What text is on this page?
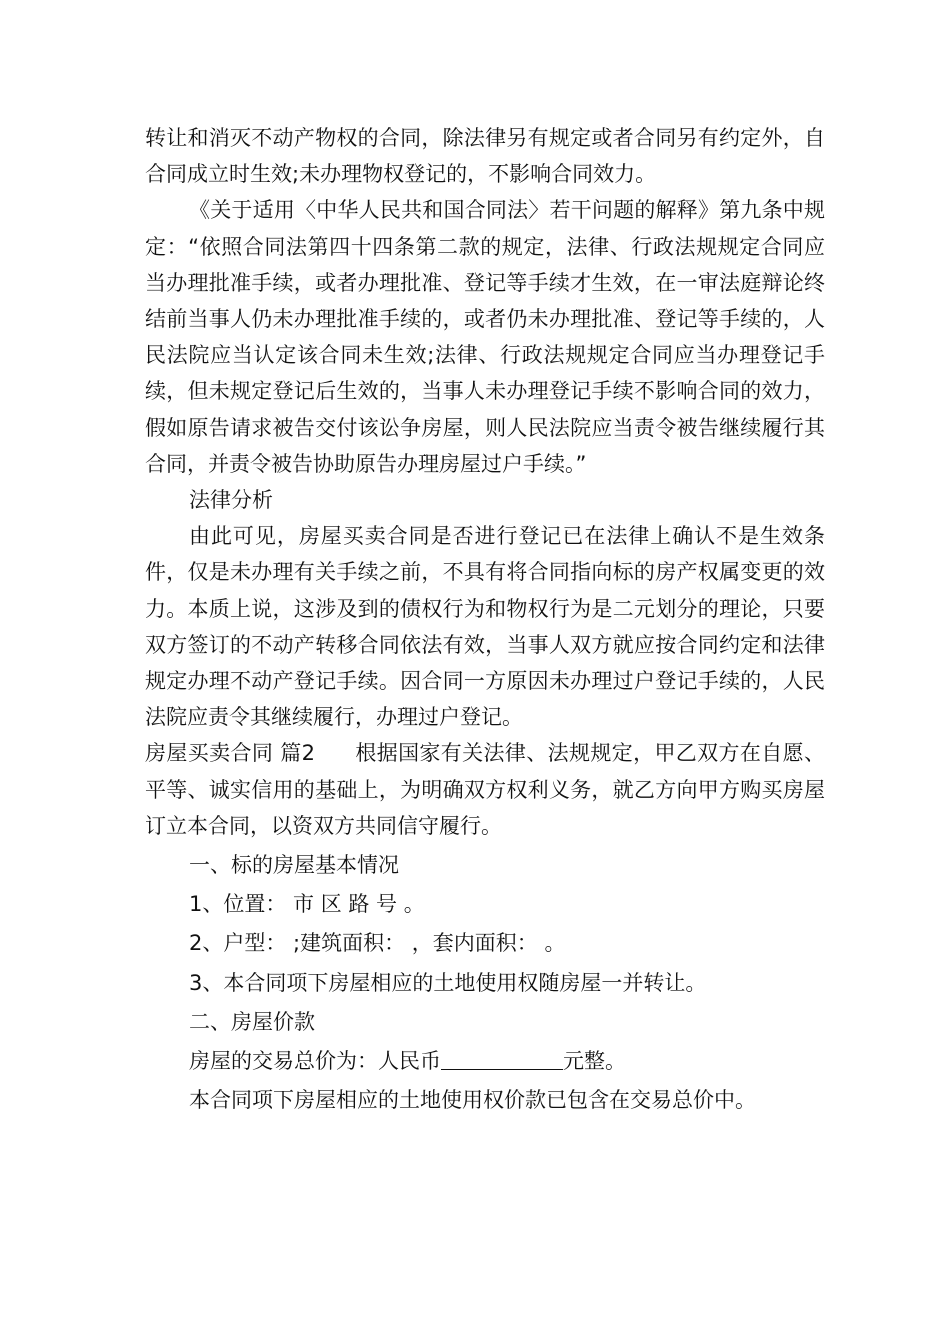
转让和消灭不动产物权的合同，除法律另有规定或者合同另有约定外，自合同成立时生效;未办理物权登记的，不影响合同效力。

《关于适用〈中华人民共和国合同法〉若干问题的解释》第九条中规定：“依照合同法第四十四条第二款的规定，法律、行政法规规定合同应当办理批准手续，或者办理批准、登记等手续才生效，在一审法庭辩论终结前当事人仍未办理批准手续的，或者仍未办理批准、登记等手续的，人民法院应当认定该合同未生效;法律、行政法规规定合同应当办理登记手续，但未规定登记后生效的，当事人未办理登记手续不影响合同的效力，假如原告请求被告交付该讼争房屋，则人民法院应当责令被告继续履行其合同，并责令被告协助原告办理房屋过户手续。”

法律分析

由此可见，房屋买卖合同是否进行登记已在法律上确认不是生效条件，仅是未办理有关手续之前，不具有将合同指向标的房产权属变更的效力。本质上说，这涉及到的债权行为和物权行为是二元划分的理论，只要双方签订的不动产转移合同依法有效，当事人双方就应按合同约定和法律规定办理不动产登记手续。因合同一方原因未办理过户登记手续的，人民法院应责令其继续履行，办理过户登记。

房屋买卖合同 篇2 根据国家有关法律、法规规定，甲乙双方在自愿、平等、诚实信用的基础上，为明确双方权利义务，就乙方向甲方购买房屋订立本合同，以资双方共同信守履行。

一、标的房屋基本情况

1、位置： 市 区 路 号 。

2、户型： ;建筑面积： ，套内面积： 。

3、本合同项下房屋相应的土地使用权随房屋一并转让。

二、房屋价款

房屋的交易总价为：人民币	元整。

本合同项下房屋相应的土地使用权价款已包含在交易总价中。
